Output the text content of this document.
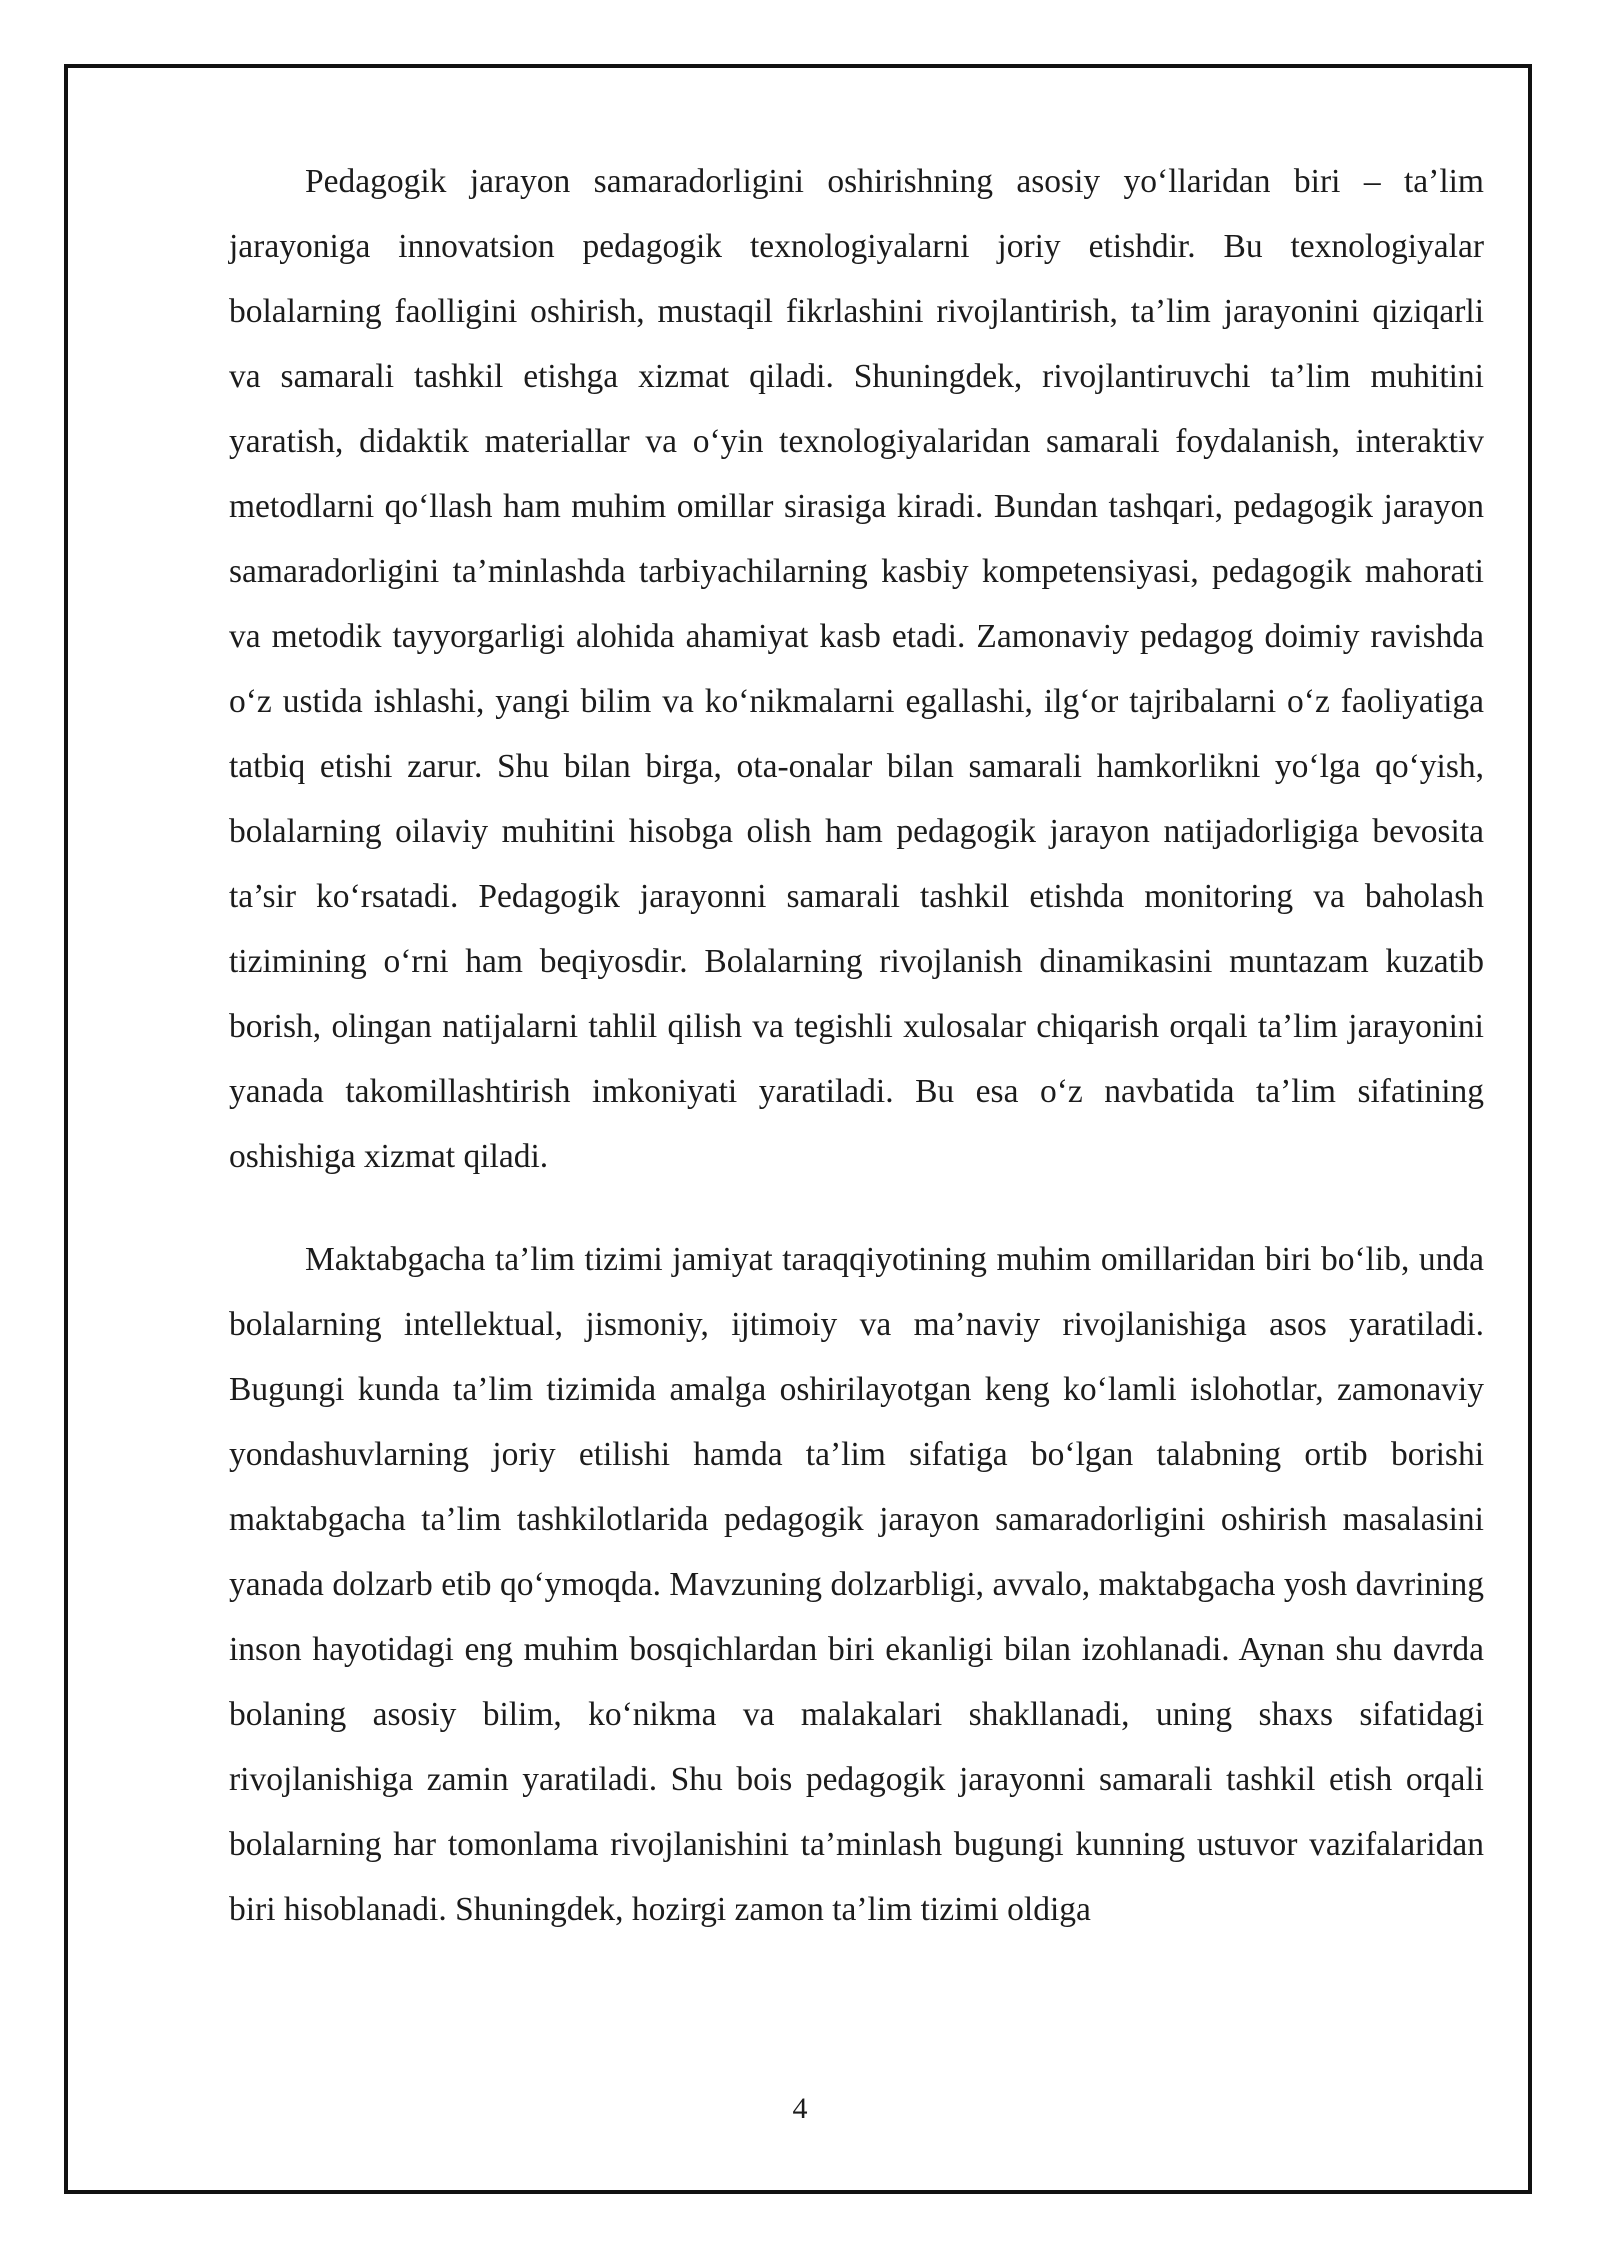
Pedagogik jarayon samaradorligini oshirishning asosiy yo‘llaridan biri – ta’lim jarayoniga innovatsion pedagogik texnologiyalarni joriy etishdir. Bu texnologiyalar bolalarning faolligini oshirish, mustaqil fikrlashini rivojlantirish, ta’lim jarayonini qiziqarli va samarali tashkil etishga xizmat qiladi. Shuningdek, rivojlantiruvchi ta’lim muhitini yaratish, didaktik materiallar va o‘yin texnologiyalaridan samarali foydalanish, interaktiv metodlarni qo‘llash ham muhim omillar sirasiga kiradi. Bundan tashqari, pedagogik jarayon samaradorligini ta’minlashda tarbiyachilarning kasbiy kompetensiyasi, pedagogik mahorati va metodik tayyorgarligi alohida ahamiyat kasb etadi. Zamonaviy pedagog doimiy ravishda o‘z ustida ishlashi, yangi bilim va ko‘nikmalarni egallashi, ilg‘or tajribalarni o‘z faoliyatiga tatbiq etishi zarur. Shu bilan birga, ota-onalar bilan samarali hamkorlikni yo‘lga qo‘yish, bolalarning oilaviy muhitini hisobga olish ham pedagogik jarayon natijadorligiga bevosita ta’sir ko‘rsatadi. Pedagogik jarayonni samarali tashkil etishda monitoring va baholash tizimining o‘rni ham beqiyosdir. Bolalarning rivojlanish dinamikasini muntazam kuzatib borish, olingan natijalarni tahlil qilish va tegishli xulosalar chiqarish orqali ta’lim jarayonini yanada takomillashtirish imkoniyati yaratiladi. Bu esa o‘z navbatida ta’lim sifatining oshishiga xizmat qiladi.

Maktabgacha ta’lim tizimi jamiyat taraqqiyotining muhim omillaridan biri bo‘lib, unda bolalarning intellektual, jismoniy, ijtimoiy va ma’naviy rivojlanishiga asos yaratiladi. Bugungi kunda ta’lim tizimida amalga oshirilayotgan keng ko‘lamli islohotlar, zamonaviy yondashuvlarning joriy etilishi hamda ta’lim sifatiga bo‘lgan talabning ortib borishi maktabgacha ta’lim tashkilotlarida pedagogik jarayon samaradorligini oshirish masalasini yanada dolzarb etib qo‘ymoqda. Mavzuning dolzarbligi, avvalo, maktabgacha yosh davrining inson hayotidagi eng muhim bosqichlardan biri ekanligi bilan izohlanadi. Aynan shu davrda bolaning asosiy bilim, ko‘nikma va malakalari shakllanadi, uning shaxs sifatidagi rivojlanishiga zamin yaratiladi. Shu bois pedagogik jarayonni samarali tashkil etish orqali bolalarning har tomonlama rivojlanishini ta’minlash bugungi kunning ustuvor vazifalaridan biri hisoblanadi. Shuningdek, hozirgi zamon ta’lim tizimi oldiga

4
